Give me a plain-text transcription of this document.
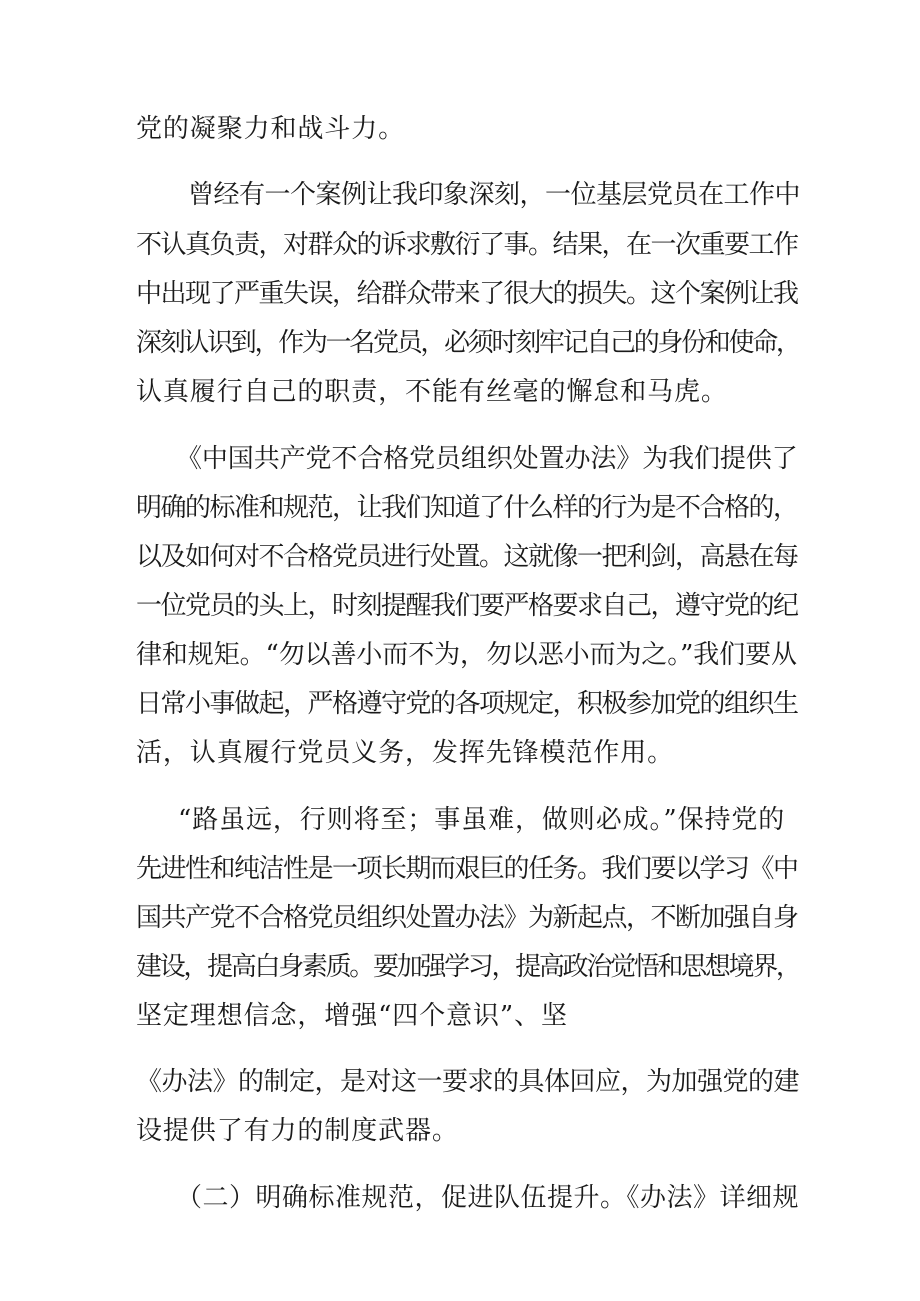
党的凝聚力和战斗力。
曾经有一个案例让我印象深刻，一位基层党员在工作中
不认真负责，对群众的诉求敷衍了事。结果，在一次重要工作
中出现了严重失误，给群众带来了很大的损失。这个案例让我
深刻认识到，作为一名党员，必须时刻牢记自己的身份和使命，
认真履行自己的职责，不能有丝毫的懈怠和马虎。
《中国共产党不合格党员组织处置办法》为我们提供了
明确的标准和规范，让我们知道了什么样的行为是不合格的，
以及如何对不合格党员进行处置。这就像一把利剑，高悬在每
一位党员的头上，时刻提醒我们要严格要求自己，遵守党的纪
律和规矩。“勿以善小而不为，勿以恶小而为之。”我们要从
日常小事做起，严格遵守党的各项规定，积极参加党的组织生
活，认真履行党员义务，发挥先锋模范作用。
“路虽远，行则将至；事虽难，做则必成。”保持党的
先进性和纯洁性是一项长期而艰巨的任务。我们要以学习《中
国共产党不合格党员组织处置办法》为新起点，不断加强自身
建设，提高白身素质。要加强学习，提高政治觉悟和思想境界，
坚定理想信念，增强“四个意识”、坚
《办法》的制定，是对这一要求的具体回应，为加强党的建
设提供了有力的制度武器。
（二）明确标准规范，促进队伍提升。《办法》详细规
